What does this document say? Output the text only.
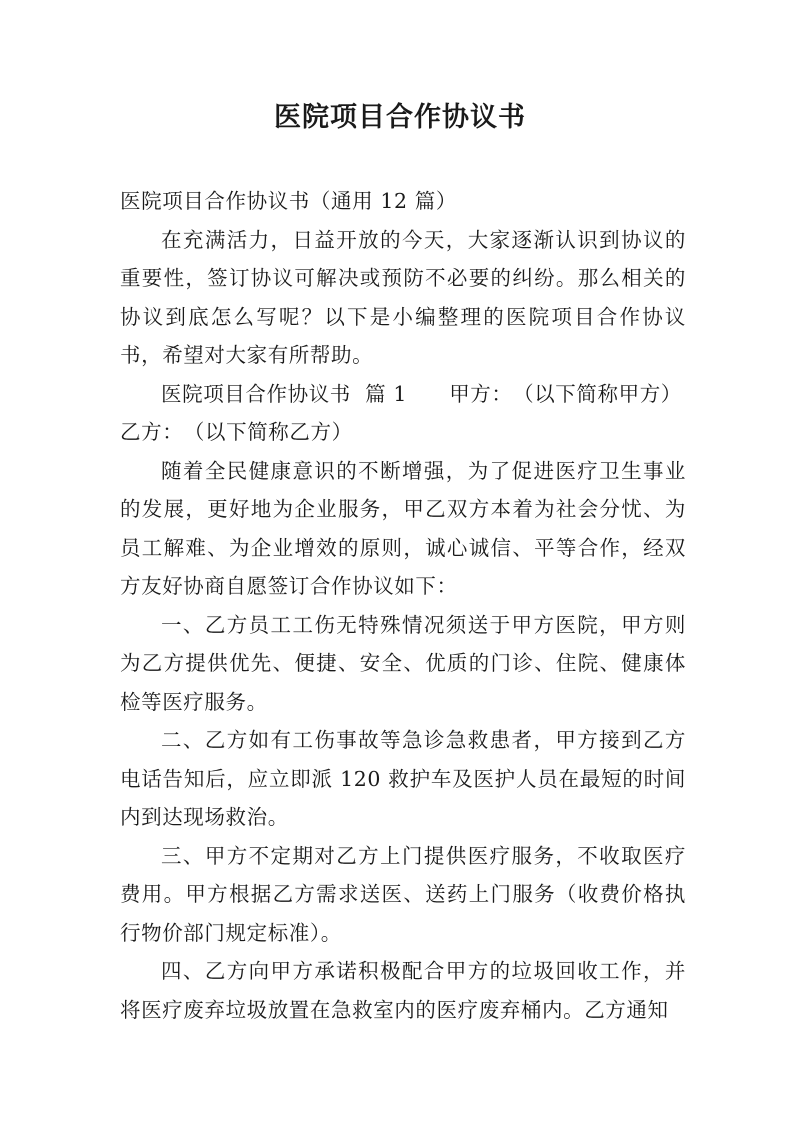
医院项目合作协议书

医院项目合作协议书（通用 12 篇）

在充满活力，日益开放的今天，大家逐渐认识到协议的重要性，签订协议可解决或预防不必要的纠纷。那么相关的协议到底怎么写呢？以下是小编整理的医院项目合作协议书，希望对大家有所帮助。

医院项目合作协议书  篇 1　　甲方：　（以下简称甲方）

乙方：　（以下简称乙方）

随着全民健康意识的不断增强，为了促进医疗卫生事业的发展，更好地为企业服务，甲乙双方本着为社会分忧、为员工解难、为企业增效的原则，诚心诚信、平等合作，经双方友好协商自愿签订合作协议如下：

一、乙方员工工伤无特殊情况须送于甲方医院，甲方则为乙方提供优先、便捷、安全、优质的门诊、住院、健康体检等医疗服务。

二、乙方如有工伤事故等急诊急救患者，甲方接到乙方电话告知后，应立即派 120 救护车及医护人员在最短的时间内到达现场救治。

三、甲方不定期对乙方上门提供医疗服务，不收取医疗费用。甲方根据乙方需求送医、送药上门服务（收费价格执行物价部门规定标准）。

四、乙方向甲方承诺积极配合甲方的垃圾回收工作，并将医疗废弃垃圾放置在急救室内的医疗废弃桶内。乙方通知
